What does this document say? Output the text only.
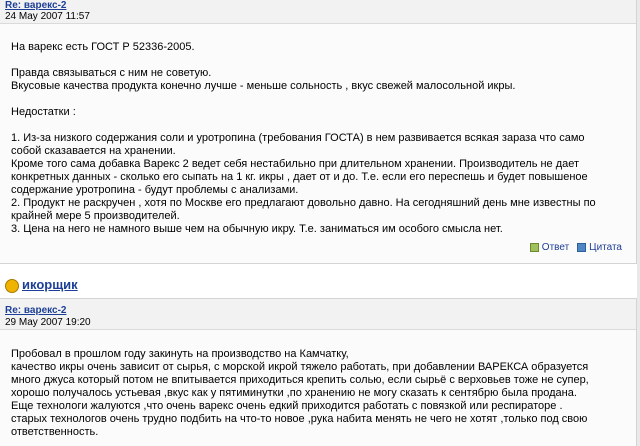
Re: варекс-2
24 May 2007 11:57
На варекс есть ГОСТ Р 52336-2005.
Правда связываться с ним не советую.
Вкусовые качества продукта конечно лучше - меньше сольность , вкус свежей малосольной икры.
Недостатки :
1. Из-за низкого содержания соли и уротропина (требования ГОСТА) в нем развивается всякая зараза что само
собой сказавается на хранении.
Кроме того сама добавка Варекс 2 ведет себя нестабильно при длительном хранении. Производитель не дает
конкретных данных - сколько его сыпать на 1 кг. икры , дает от и до. Т.е. если его переспешь и будет повышеное
содержание уротропина - будут проблемы с анализами.
2. Продукт не раскручен , хотя по Москве его предлагают довольно давно. На сегодняшний день мне известны по
крайней мере 5 производителей.
3. Цена на него не намного выше чем на обычную икру. Т.е. заниматься им особого смысла нет.
Ответ Цитата
икорщик
Re: варекс-2
29 May 2007 19:20
Пробовал в прошлом году закинуть на производство на Камчатку,
качество икры очень зависит от сырья, с морской икрой тяжело работать, при добавлении ВАРЕКСА образуется
много джуса который потом не впитывается приходиться крепить солью, если сырьё с верховьев тоже не супер,
хорошо получалось устьевая ,вкус как у пятиминутки ,по хранению не могу сказать к сентябрю была продана.
Еще технологи жалуются ,что очень варекс очень едкий приходится работать с повязкой или респираторе .
старых технологов очень трудно подбить на что-то новое ,рука набита менять не чего не хотят ,только под свою
ответственность.
